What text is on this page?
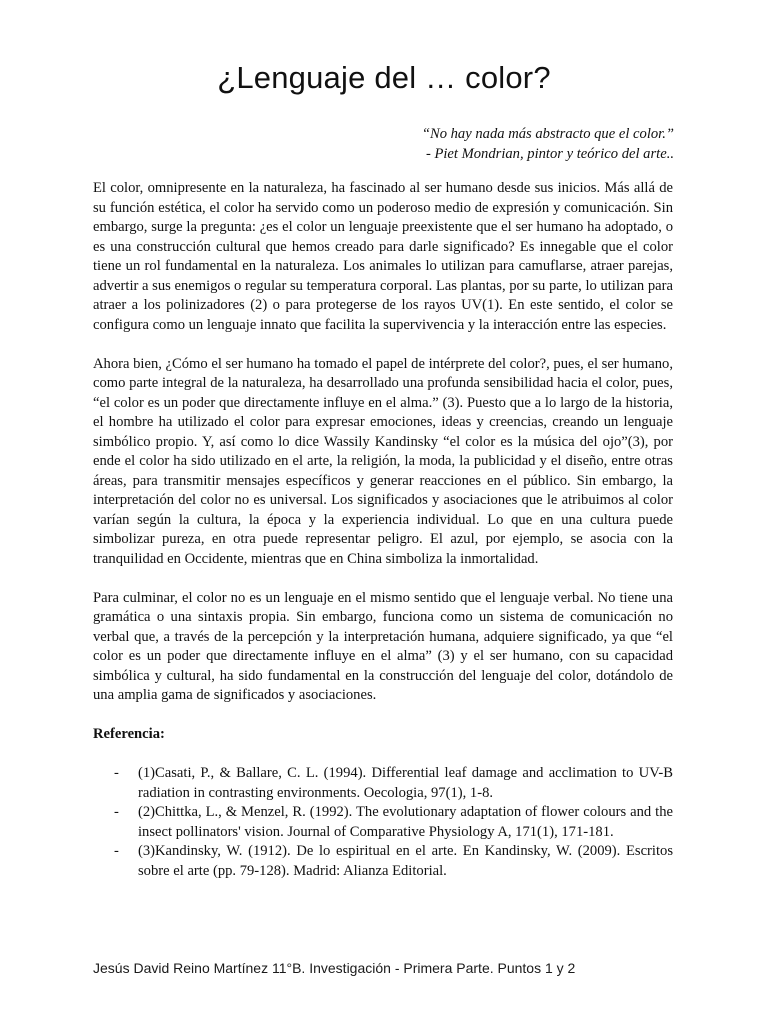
¿Lenguaje del … color?
“No hay nada más abstracto que el color.”
- Piet Mondrian, pintor y teórico del arte..

El color, omnipresente en la naturaleza, ha fascinado al ser humano desde sus inicios. Más allá de su función estética, el color ha servido como un poderoso medio de expresión y comunicación. Sin embargo, surge la pregunta: ¿es el color un lenguaje preexistente que el ser humano ha adoptado, o es una construcción cultural que hemos creado para darle significado? Es innegable que el color tiene un rol fundamental en la naturaleza. Los animales lo utilizan para camuflarse, atraer parejas, advertir a sus enemigos o regular su temperatura corporal. Las plantas, por su parte, lo utilizan para atraer a los polinizadores (2) o para protegerse de los rayos UV(1). En este sentido, el color se configura como un lenguaje innato que facilita la supervivencia y la interacción entre las especies.

Ahora bien, ¿Cómo el ser humano ha tomado el papel de intérprete del color?, pues, el ser humano, como parte integral de la naturaleza, ha desarrollado una profunda sensibilidad hacia el color, pues, “el color es un poder que directamente influye en el alma.” (3). Puesto que a lo largo de la historia, el hombre ha utilizado el color para expresar emociones, ideas y creencias, creando un lenguaje simbólico propio. Y, así como lo dice Wassily Kandinsky “el color es la música del ojo”(3), por ende el color ha sido utilizado en el arte, la religión, la moda, la publicidad y el diseño, entre otras áreas, para transmitir mensajes específicos y generar reacciones en el público. Sin embargo, la interpretación del color no es universal. Los significados y asociaciones que le atribuimos al color varían según la cultura, la época y la experiencia individual. Lo que en una cultura puede simbolizar pureza, en otra puede representar peligro. El azul, por ejemplo, se asocia con la tranquilidad en Occidente, mientras que en China simboliza la inmortalidad.

Para culminar, el color no es un lenguaje en el mismo sentido que el lenguaje verbal. No tiene una gramática o una sintaxis propia. Sin embargo, funciona como un sistema de comunicación no verbal que, a través de la percepción y la interpretación humana, adquiere significado, ya que “el color es un poder que directamente influye en el alma” (3) y el ser humano, con su capacidad simbólica y cultural, ha sido fundamental en la construcción del lenguaje del color, dotándolo de una amplia gama de significados y asociaciones.

Referencia:
- (1)Casati, P., & Ballare, C. L. (1994). Differential leaf damage and acclimation to UV-B radiation in contrasting environments. Oecologia, 97(1), 1-8.
- (2)Chittka, L., & Menzel, R. (1992). The evolutionary adaptation of flower colours and the insect pollinators' vision. Journal of Comparative Physiology A, 171(1), 171-181.
- (3)Kandinsky, W. (1912). De lo espiritual en el arte. En Kandinsky, W. (2009). Escritos sobre el arte (pp. 79-128). Madrid: Alianza Editorial.
Jesús David Reino Martínez 11°B. Investigación - Primera Parte. Puntos 1 y 2
